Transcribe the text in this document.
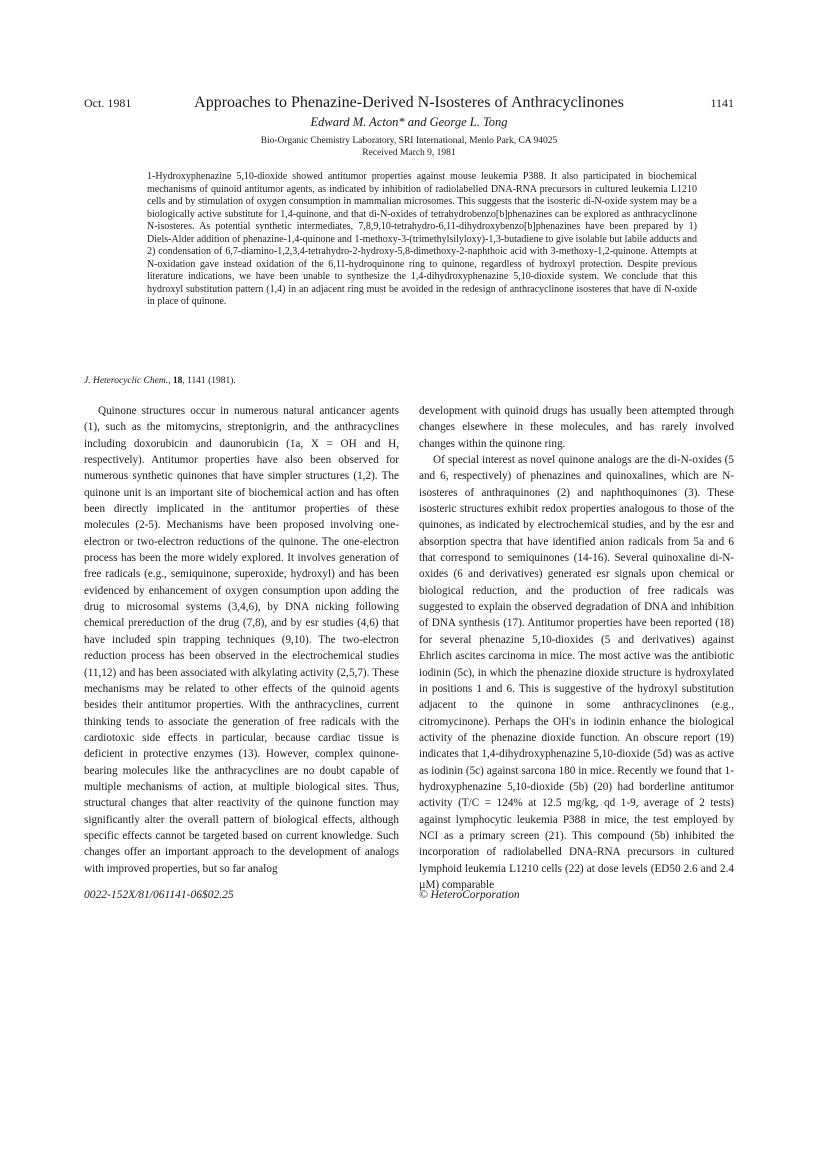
Oct. 1981	Approaches to Phenazine-Derived N-Isosteres of Anthracyclinones	1141
Edward M. Acton* and George L. Tong
Bio-Organic Chemistry Laboratory, SRI International, Menlo Park, CA 94025
Received March 9, 1981

1-Hydroxyphenazine 5,10-dioxide showed antitumor properties against mouse leukemia P388. It also participated in biochemical mechanisms of quinoid antitumor agents, as indicated by inhibition of radiolabelled DNA-RNA precursors in cultured leukemia L1210 cells and by stimulation of oxygen consumption in mammalian microsomes. This suggests that the isosteric di-N-oxide system may be a biologically active substitute for 1,4-quinone, and that di-N-oxides of tetrahydrobenzo[b]phenazines can be explored as anthracyclinone N-isosteres. As potential synthetic intermediates, 7,8,9,10-tetrahydro-6,11-dihydroxybenzo[b]phenazines have been prepared by 1) Diels-Alder addition of phenazine-1,4-quinone and 1-methoxy-3-(trimethylsilyloxy)-1,3-butadiene to give isolable but labile adducts and 2) condensation of 6,7-diamino-1,2,3,4-tetrahydro-2-hydroxy-5,8-dimethoxy-2-naphthoic acid with 3-methoxy-1,2-quinone. Attempts at N-oxidation gave instead oxidation of the 6,11-hydroquinone ring to quinone, regardless of hydroxyl protection. Despite previous literature indications, we have been unable to synthesize the 1,4-dihydroxyphenazine 5,10-dioxide system. We conclude that this hydroxyl substitution pattern (1,4) in an adjacent ring must be avoided in the redesign of anthracyclinone isosteres that have di N-oxide in place of quinone.

J. Heterocyclic Chem., 18, 1141 (1981).

Quinone structures occur in numerous natural anticancer agents (1), such as the mitomycins, streptonigrin, and the anthracyclines including doxorubicin and daunorubicin (1a, X = OH and H, respectively). Antitumor properties have also been observed for numerous synthetic quinones that have simpler structures (1,2). The quinone unit is an important site of biochemical action and has often been directly implicated in the antitumor properties of these molecules (2-5). Mechanisms have been proposed involving one-electron or two-electron reductions of the quinone. The one-electron process has been the more widely explored. It involves generation of free radicals (e.g., semiquinone, superoxide, hydroxyl) and has been evidenced by enhancement of oxygen consumption upon adding the drug to microsomal systems (3,4,6), by DNA nicking following chemical prereduction of the drug (7,8), and by esr studies (4,6) that have included spin trapping techniques (9,10). The two-electron reduction process has been observed in the electrochemical studies (11,12) and has been associated with alkylating activity (2,5,7). These mechanisms may be related to other effects of the quinoid agents besides their antitumor properties. With the anthracyclines, current thinking tends to associate the generation of free radicals with the cardiotoxic side effects in particular, because cardiac tissue is deficient in protective enzymes (13). However, complex quinone-bearing molecules like the anthracyclines are no doubt capable of multiple mechanisms of action, at multiple biological sites. Thus, structural changes that alter reactivity of the quinone function may significantly alter the overall pattern of biological effects, although specific effects cannot be targeted based on current knowledge. Such changes offer an important approach to the development of analogs with improved properties, but so far analog

development with quinoid drugs has usually been attempted through changes elsewhere in these molecules, and has rarely involved changes within the quinone ring.

Of special interest as novel quinone analogs are the di-N-oxides (5 and 6, respectively) of phenazines and quinoxalines, which are N-isosteres of anthraquinones (2) and naphthoquinones (3). These isosteric structures exhibit redox properties analogous to those of the quinones, as indicated by electrochemical studies, and by the esr and absorption spectra that have identified anion radicals from 5a and 6 that correspond to semiquinones (14-16). Several quinoxaline di-N-oxides (6 and derivatives) generated esr signals upon chemical or biological reduction, and the production of free radicals was suggested to explain the observed degradation of DNA and inhibition of DNA synthesis (17). Antitumor properties have been reported (18) for several phenazine 5,10-dioxides (5 and derivatives) against Ehrlich ascites carcinoma in mice. The most active was the antibiotic iodinin (5c), in which the phenazine dioxide structure is hydroxylated in positions 1 and 6. This is suggestive of the hydroxyl substitution adjacent to the quinone in some anthracyclinones (e.g., citromycinone). Perhaps the OH's in iodinin enhance the biological activity of the phenazine dioxide function. An obscure report (19) indicates that 1,4-dihydroxyphenazine 5,10-dioxide (5d) was as active as iodinin (5c) against sarcona 180 in mice. Recently we found that 1-hydroxyphenazine 5,10-dioxide (5b) (20) had borderline antitumor activity (T/C = 124% at 12.5 mg/kg, qd 1-9, average of 2 tests) against lymphocytic leukemia P388 in mice, the test employed by NCI as a primary screen (21). This compound (5b) inhibited the incorporation of radiolabelled DNA-RNA precursors in cultured lymphoid leukemia L1210 cells (22) at dose levels (ED50 2.6 and 2.4 µM) comparable

0022-152X/81/061141-06$02.25	© HeteroCorporation
